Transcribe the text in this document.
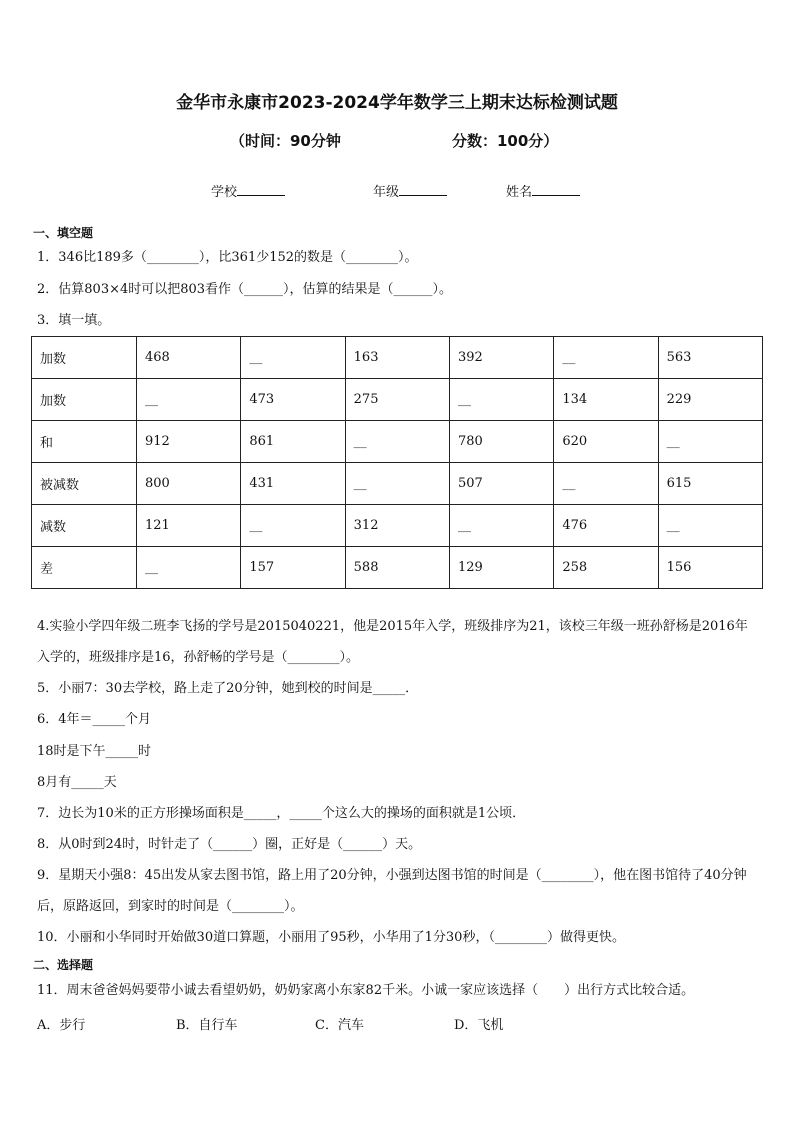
金华市永康市2023-2024学年数学三上期末达标检测试题
（时间：90分钟	分数：100分）
学校	年级	姓名
一、填空题
1．346比189多（________），比361少152的数是（________）。
2．估算803×4时可以把803看作（______），估算的结果是（______）。
3．填一填。
加数	468	__	163	392	__	563
加数	__	473	275	__	134	229
和	912	861	__	780	620	__
被减数	800	431	__	507	__	615
减数	121	__	312	__	476	__
差	__	157	588	129	258	156
4.实验小学四年级二班李飞扬的学号是2015040221，他是2015年入学，班级排序为21，该校三年级一班孙舒杨是2016年入学的，班级排序是16，孙舒畅的学号是（________）。
5．小丽7：30去学校，路上走了20分钟，她到校的时间是_____．
6．4年＝_____个月
18时是下午_____时
8月有_____天
7．边长为10米的正方形操场面积是_____，_____个这么大的操场的面积就是1公顷．
8．从0时到24时，时针走了（______）圈，正好是（______）天。
9．星期天小强8：45出发从家去图书馆，路上用了20分钟，小强到达图书馆的时间是（________），他在图书馆待了40分钟后，原路返回，到家时的时间是（________）。
10．小丽和小华同时开始做30道口算题，小丽用了95秒，小华用了1分30秒，（________）做得更快。
二、选择题
11．周末爸爸妈妈要带小诚去看望奶奶，奶奶家离小东家82千米。小诚一家应该选择（　　）出行方式比较合适。
A．步行	B．自行车	C．汽车	D．飞机
